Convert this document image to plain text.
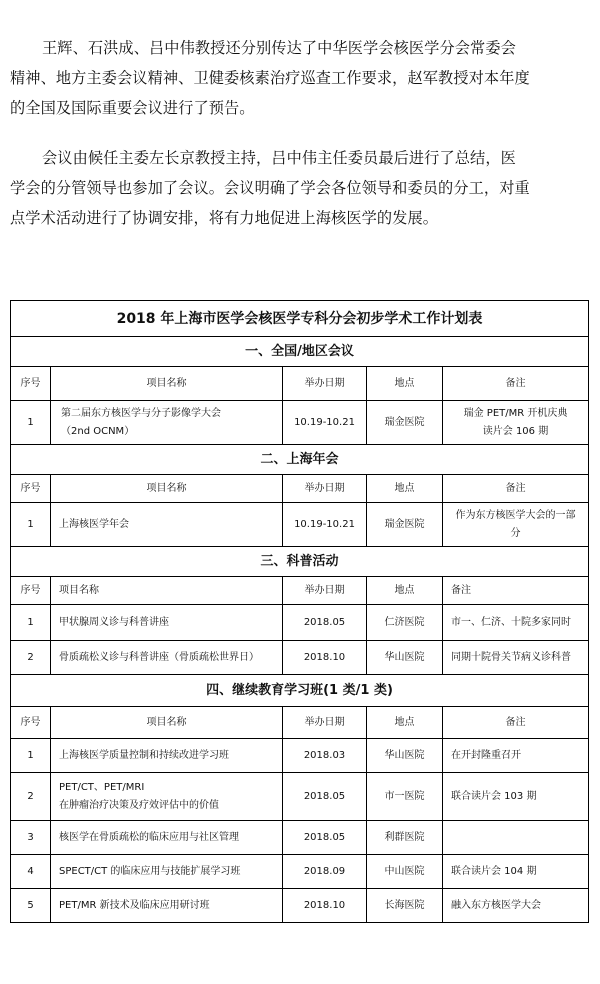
王辉、石洪成、吕中伟教授还分别传达了中华医学会核医学分会常委会
精神、地方主委会议精神、卫健委核素治疗巡查工作要求，赵军教授对本年度
的全国及国际重要会议进行了预告。
会议由候任主委左长京教授主持，吕中伟主任委员最后进行了总结，医
学会的分管领导也参加了会议。会议明确了学会各位领导和委员的分工，对重
点学术活动进行了协调安排，将有力地促进上海核医学的发展。
2018 年上海市医学会核医学专科分会初步学术工作计划表				
一、全国/地区会议				
序号	项目名称	举办日期	地点	备注
1	第二届东方核医学与分子影像学大会
（2nd OCNM）	10.19-10.21	瑞金医院	瑞金 PET/MR 开机庆典
读片会 106 期

二、上海年会				
序号	项目名称	举办日期	地点	备注
1	上海核医学年会	10.19-10.21	瑞金医院	作为东方核医学大会的一部
分

三、科普活动				
序号	项目名称	举办日期	地点	备注
1	甲状腺周义诊与科普讲座	2018.05	仁济医院	市一、仁济、十院多家同时

2	骨质疏松义诊与科普讲座（骨质疏松世界日）	2018.10	华山医院	同期十院骨关节病义诊科普

四、继续教育学习班(1 类/1 类)				
序号	项目名称	举办日期	地点	备注
1	上海核医学质量控制和持续改进学习班	2018.03	华山医院	在开封隆重召开

2	PET/CT、PET/MRI
在肿瘤治疗决策及疗效评估中的价值	2018.05	市一医院	联合读片会 103 期

3	核医学在骨质疏松的临床应用与社区管理	2018.05	利群医院	

4	SPECT/CT 的临床应用与技能扩展学习班	2018.09	中山医院	联合读片会 104 期

5	PET/MR 新技术及临床应用研讨班	2018.10	长海医院	融入东方核医学大会
